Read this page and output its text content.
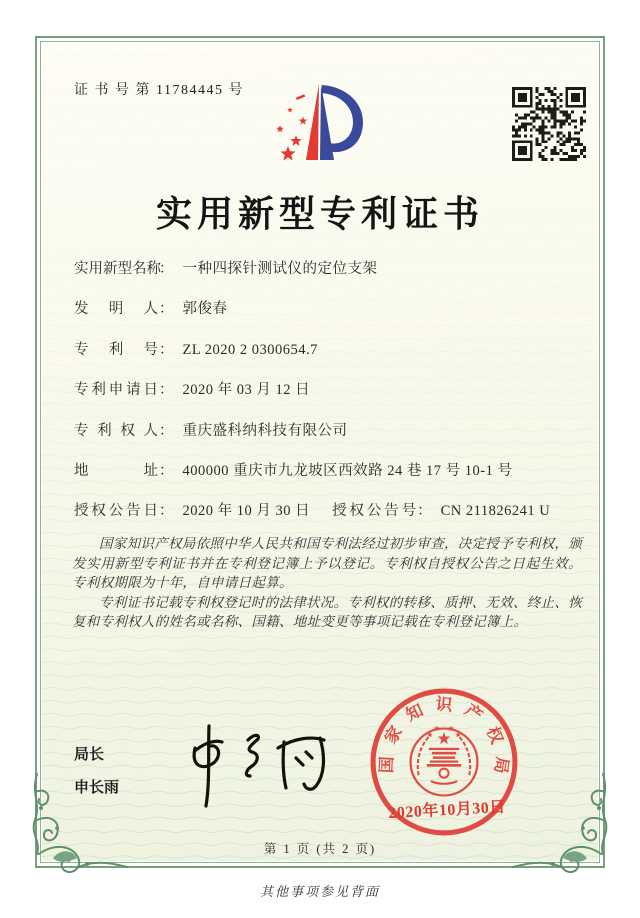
证 书 号 第 11784445 号
实用新型专利证书
实用新型名称： 一种四探针测试仪的定位支架
发明人： 郭俊春
专利号： ZL 2020 2 0300654.7
专利申请日： 2020 年 03 月 12 日
专利权人： 重庆盛科纳科技有限公司
地址： 400000 重庆市九龙坡区西效路 24 巷 17 号 10-1 号
授权公告日： 2020 年 10 月 30 日 授权公告号： CN 211826241 U

国家知识产权局依照中华人民共和国专利法经过初步审查，决定授予专利权，颁发实用新型专利证书并在专利登记簿上予以登记。专利权自授权公告之日起生效。专利权期限为十年，自申请日起算。

专利证书记载专利权登记时的法律状况。专利权的转移、质押、无效、终止、恢复和专利权人的姓名或名称、国籍、地址变更等事项记载在专利登记簿上。

局长
申长雨
国家知识产权局
2020年10月30日
第 1 页 (共 2 页)
其他事项参见背面
